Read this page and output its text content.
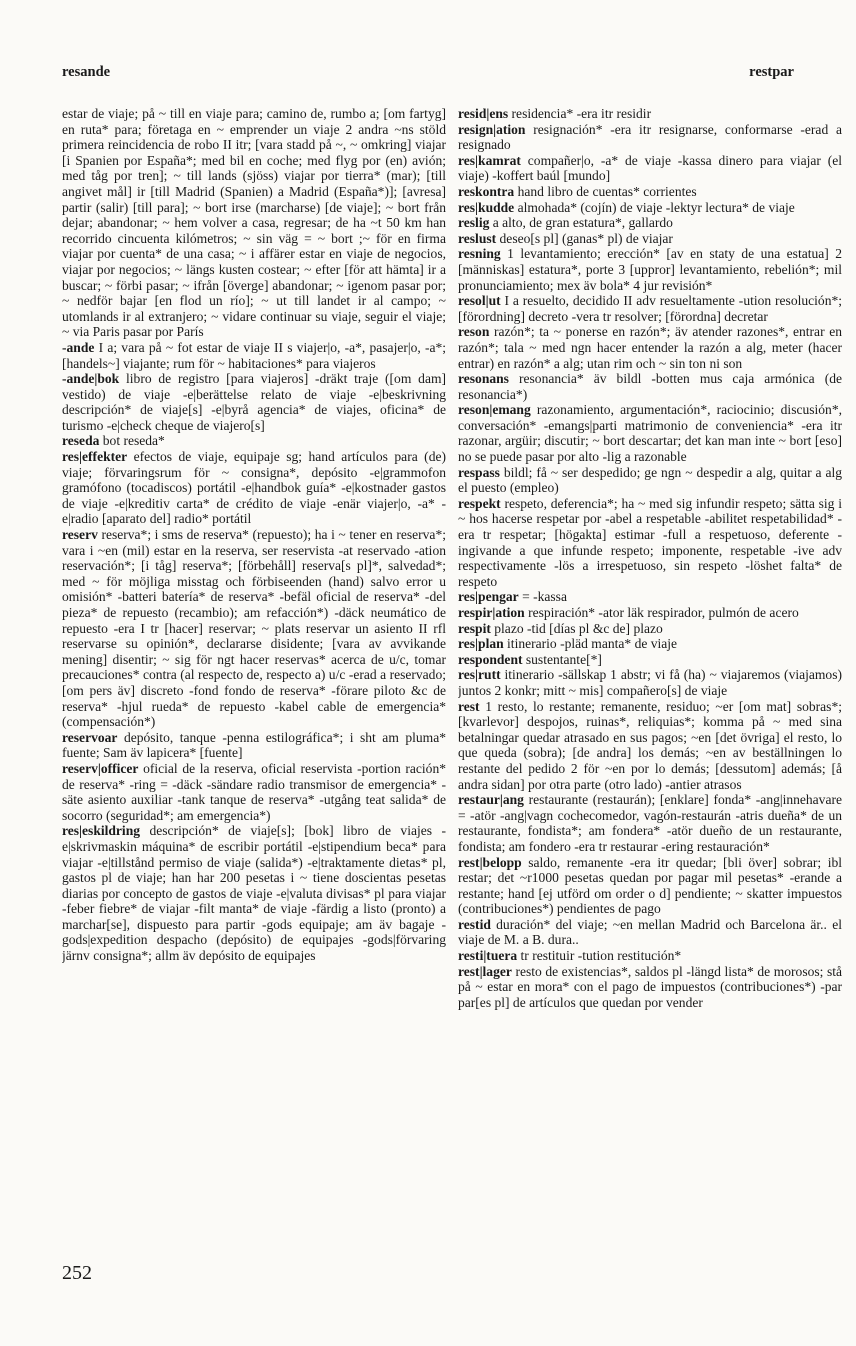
resande	restpar

estar de viaje; på ~ till en viaje para; camino de, rumbo a; [om fartyg] en ruta* para; företaga en ~ emprender un viaje 2 andra ~ns stöld primera reincidencia de robo II itr; [vara stadd på ~, ~ omkring] viajar [i Spanien por España*; med bil en coche; med flyg por (en) avión; med tåg por tren]; ~ till lands (sjöss) viajar por tierra* (mar); [till angivet mål] ir [till Madrid (Spanien) a Madrid (España*)]; [avresa] partir (salir) [till para]; ~ bort irse (marcharse) [de viaje]; ~ bort från dejar; abandonar; ~ hem volver a casa, regresar; de ha ~t 50 km han recorrido cincuenta kilómetros; ~ sin väg = ~ bort ;~ för en firma viajar por cuenta* de una casa; ~ i affärer estar en viaje de negocios, viajar por negocios; ~ längs kusten costear; ~ efter [för att hämta] ir a buscar; ~ förbi pasar; ~ ifrån [överge] abandonar; ~ igenom pasar por; ~ nedför bajar [en flod un río]; ~ ut till landet ir al campo; ~ utomlands ir al extranjero; ~ vidare continuar su viaje, seguir el viaje; ~ via Paris pasar por París

-ande I a; vara på ~ fot estar de viaje II s viajer|o, -a*, pasajer|o, -a*; [handels~] viajante; rum för ~ habitaciones* para viajeros

-ande|bok libro de registro [para viajeros] -dräkt traje ([om dam] vestido) de viaje -e|berättelse relato de viaje -e|beskrivning descripción* de viaje[s] -e|byrå agencia* de viajes, oficina* de turismo -e|check cheque de viajero[s]

reseda bot reseda*

res|effekter efectos de viaje, equipaje sg; hand artículos para (de) viaje; förvaringsrum för ~ consigna*, depósito -e|grammofon gramófono (tocadiscos) portátil -e|handbok guía* -e|kostnader gastos de viaje -e|kreditiv carta* de crédito de viaje -enär viajer|o, -a* -e|radio [aparato del] radio* portátil

reserv reserva*; i sms de reserva* (repuesto); ha i ~ tener en reserva*; vara i ~en (mil) estar en la reserva, ser reservista -at reservado -ation reservación*; [i tåg] reserva*; [förbehåll] reserva[s pl]*, salvedad*; med ~ för möjliga misstag och förbiseenden (hand) salvo error u omisión* -batteri batería* de reserva* -befäl oficial de reserva* -del pieza* de repuesto (recambio); am refacción*) -däck neumático de repuesto -era I tr [hacer] reservar; ~ plats reservar un asiento II rfl reservarse su opinión*, declararse disidente; [vara av avvikande mening] disentir; ~ sig för ngt hacer reservas* acerca de u/c, tomar precauciones* contra (al respecto de, respecto a) u/c -erad a reservado; [om pers äv] discreto -fond fondo de reserva* -förare piloto &c de reserva* -hjul rueda* de repuesto -kabel cable de emergencia* (compensación*)

reservoar depósito, tanque -penna estilográfica*; i sht am pluma* fuente; Sam äv lapicera* [fuente]

reserv|officer oficial de la reserva, oficial reservista -portion ración* de reserva* -ring = -däck -sändare radio transmisor de emergencia* -säte asiento auxiliar -tank tanque de reserva* -utgång teat salida* de socorro (seguridad*; am emergencia*)

res|eskildring descripción* de viaje[s]; [bok] libro de viajes -e|skrivmaskin máquina* de escribir portátil -e|stipendium beca* para viajar -e|tillstånd permiso de viaje (salida*) -e|traktamente dietas* pl, gastos pl de viaje; han har 200 pesetas i ~ tiene doscientas pesetas diarias por concepto de gastos de viaje -e|valuta divisas* pl para viajar -feber fiebre* de viajar -filt manta* de viaje -färdig a listo (pronto) a marchar[se], dispuesto para partir -gods equipaje; am äv bagaje -gods|expedition despacho (depósito) de equipajes -gods|förvaring järnv consigna*; allm äv depósito de equipajes

resid|ens residencia* -era itr residir

resign|ation resignación* -era itr resignarse, conformarse -erad a resignado

res|kamrat compañer|o, -a* de viaje -kassa dinero para viajar (el viaje) -koffert baúl [mundo]

reskontra hand libro de cuentas* corrientes

res|kudde almohada* (cojín) de viaje -lektyr lectura* de viaje

reslig a alto, de gran estatura*, gallardo

reslust deseo[s pl] (ganas* pl) de viajar

resning 1 levantamiento; erección* [av en staty de una estatua] 2 [människas] estatura*, porte 3 [uppror] levantamiento, rebelión*; mil pronunciamiento; mex äv bola* 4 jur revisión*

resol|ut I a resuelto, decidido II adv resueltamente -ution resolución*; [förordning] decreto -vera tr resolver; [förordna] decretar

reson razón*; ta ~ ponerse en razón*; äv atender razones*, entrar en razón*; tala ~ med ngn hacer entender la razón a alg, meter (hacer entrar) en razón* a alg; utan rim och ~ sin ton ni son

resonans resonancia* äv bildl -botten mus caja armónica (de resonancia*)

reson|emang razonamiento, argumentación*, raciocinio; discusión*, conversación* -emangs|parti matrimonio de conveniencia* -era itr razonar, argüir; discutir; ~ bort descartar; det kan man inte ~ bort [eso] no se puede pasar por alto -lig a razonable

respass bildl; få ~ ser despedido; ge ngn ~ despedir a alg, quitar a alg el puesto (empleo)

respekt respeto, deferencia*; ha ~ med sig infundir respeto; sätta sig i ~ hos hacerse respetar por -abel a respetable -abilitet respetabilidad* -era tr respetar; [högakta] estimar -full a respetuoso, deferente -ingivande a que infunde respeto; imponente, respetable -ive adv respectivamente -lös a irrespetuoso, sin respeto -löshet falta* de respeto

res|pengar = -kassa

respir|ation respiración* -ator läk respirador, pulmón de acero

respit plazo -tid [días pl &c de] plazo

res|plan itinerario -pläd manta* de viaje

respondent sustentante[*]

res|rutt itinerario -sällskap 1 abstr; vi få (ha) ~ viajaremos (viajamos) juntos 2 konkr; mitt ~ mis] compañero[s] de viaje

rest 1 resto, lo restante; remanente, residuo; ~er [om mat] sobras*; [kvarlevor] despojos, ruinas*, reliquias*; komma på ~ med sina betalningar quedar atrasado en sus pagos; ~en [det övriga] el resto, lo que queda (sobra); [de andra] los demás; ~en av beställningen lo restante del pedido 2 för ~en por lo demás; [dessutom] además; [å andra sidan] por otra parte (otro lado) -antier atrasos

restaur|ang restaurante (restaurán); [enklare] fonda* -ang|innehavare = -atör -ang|vagn cochecomedor, vagón-restaurán -atris dueña* de un restaurante, fondista*; am fondera* -atör dueño de un restaurante, fondista; am fondero -era tr restaurar -ering restauración*

rest|belopp saldo, remanente -era itr quedar; [bli över] sobrar; ibl restar; det ~r1000 pesetas quedan por pagar mil pesetas* -erande a restante; hand [ej utförd om order o d] pendiente; ~ skatter impuestos (contribuciones*) pendientes de pago

restid duración* del viaje; ~en mellan Madrid och Barcelona är.. el viaje de M. a B. dura..

resti|tuera tr restituir -tution restitución*

rest|lager resto de existencias*, saldos pl -längd lista* de morosos; stå på ~ estar en mora* con el pago de impuestos (contribuciones*) -par par[es pl] de artículos que quedan por vender

252
